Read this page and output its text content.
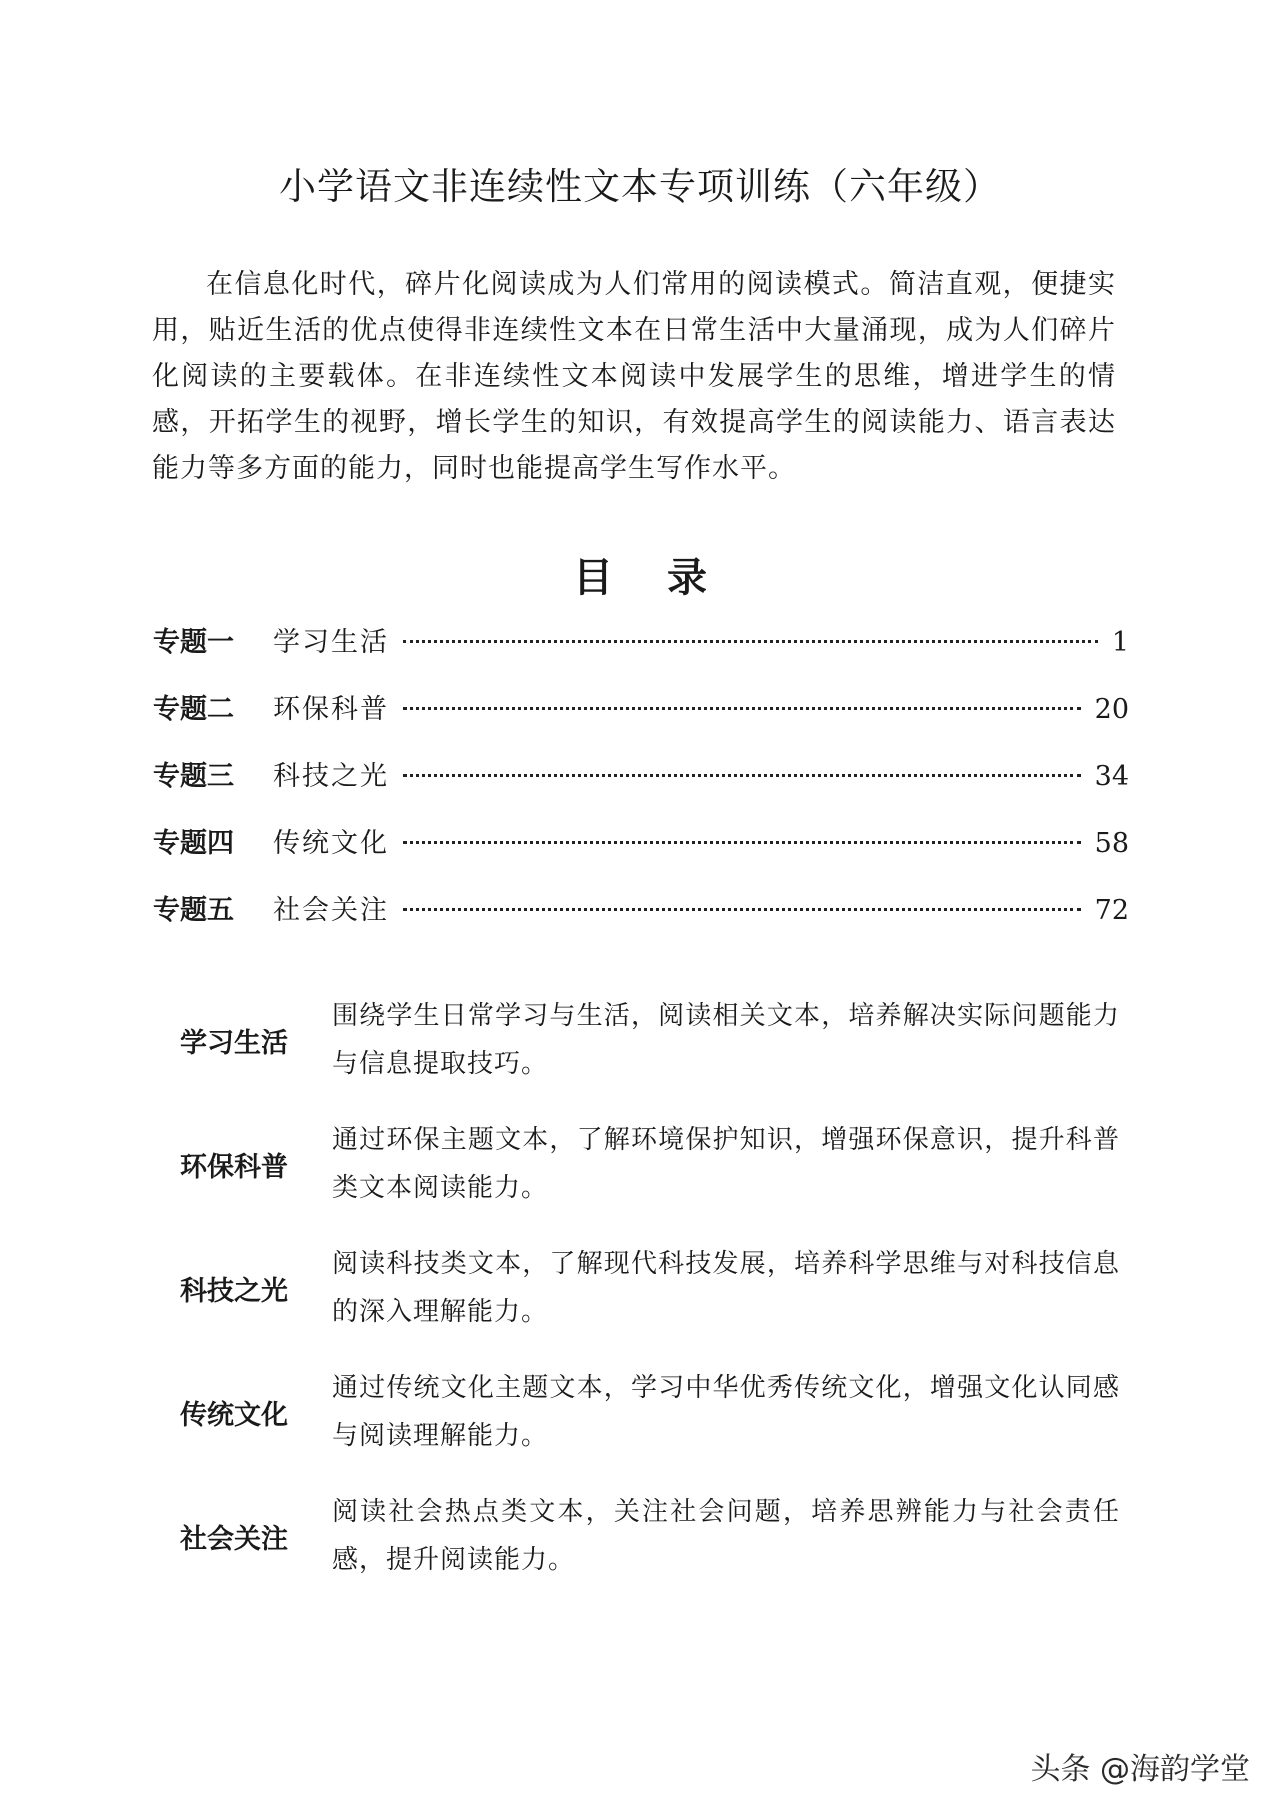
小学语文非连续性文本专项训练（六年级）
在信息化时代，碎片化阅读成为人们常用的阅读模式。简洁直观，便捷实用，贴近生活的优点使得非连续性文本在日常生活中大量涌现，成为人们碎片化阅读的主要载体。在非连续性文本阅读中发展学生的思维，增进学生的情感，开拓学生的视野，增长学生的知识，有效提高学生的阅读能力、语言表达能力等多方面的能力，同时也能提高学生写作水平。
目录
专题一	学习生活	1
专题二	环保科普	20
专题三	科技之光	34
专题四	传统文化	58
专题五	社会关注	72
学习生活
围绕学生日常学习与生活，阅读相关文本，培养解决实际问题能力与信息提取技巧。
环保科普
通过环保主题文本，了解环境保护知识，增强环保意识，提升科普类文本阅读能力。
科技之光
阅读科技类文本，了解现代科技发展，培养科学思维与对科技信息的深入理解能力。
传统文化
通过传统文化主题文本，学习中华优秀传统文化，增强文化认同感与阅读理解能力。
社会关注
阅读社会热点类文本，关注社会问题，培养思辨能力与社会责任感，提升阅读能力。
头条 @海韵学堂
